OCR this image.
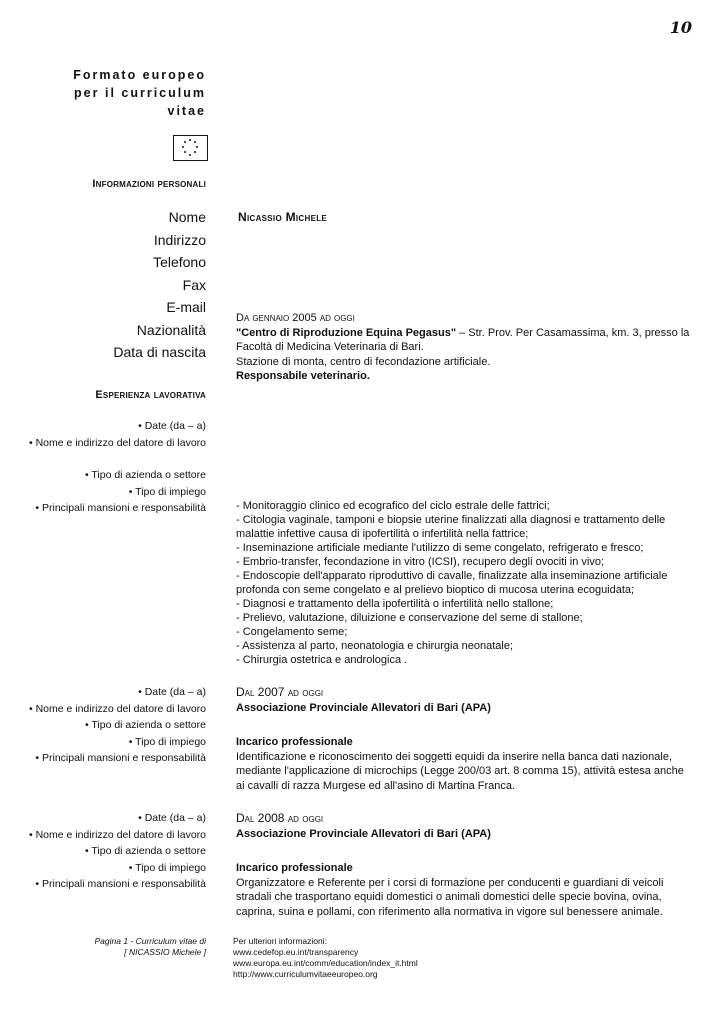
10
Formato europeo
per il curriculum
vitae
Informazioni personali
Nome
Indirizzo
Telefono
Fax
E-mail
Nazionalità
Data di nascita
Nicassio Michele
Esperienza lavorativa
• Date (da – a)
• Nome e indirizzo del datore di lavoro
• Tipo di azienda o settore
• Tipo di impiego
• Principali mansioni e responsabilità
Da gennaio 2005 ad oggi
"Centro di Riproduzione Equina Pegasus" – Str. Prov. Per Casamassima, km. 3, presso la Facoltà di Medicina Veterinaria di Bari.
Stazione di monta, centro di fecondazione artificiale.
Responsabile veterinario.
- Monitoraggio clinico ed ecografico del ciclo estrale delle fattrici;
- Citologia vaginale, tamponi e biopsie uterine finalizzati alla diagnosi e trattamento delle malattie infettive causa di ipofertilità o infertilità nella fattrice;
- Inseminazione artificiale mediante l'utilizzo di seme congelato, refrigerato e fresco;
- Embrio-transfer, fecondazione in vitro (ICSI), recupero degli ovociti in vivo;
- Endoscopie dell'apparato riproduttivo di cavalle, finalizzate alla inseminazione artificiale profonda con seme congelato e al prelievo bioptico di mucosa uterina ecoguidata;
- Diagnosi e trattamento della ipofertilità o infertilità nello stallone;
- Prelievo, valutazione, diluizione e conservazione del seme di stallone;
- Congelamento seme;
- Assistenza al parto, neonatologia e chirurgia neonatale;
- Chirurgia ostetrica e andrologica .
• Date (da – a)
• Nome e indirizzo del datore di lavoro
• Tipo di azienda o settore
• Tipo di impiego
• Principali mansioni e responsabilità
Dal 2007 ad oggi
Associazione Provinciale Allevatori di Bari (APA)
Incarico professionale
Identificazione e riconoscimento dei soggetti equidi da inserire nella banca dati nazionale, mediante l'applicazione di microchips (Legge 200/03 art. 8 comma 15), attività estesa anche ai cavalli di razza Murgese ed all'asino di Martina Franca.
• Date (da – a)
• Nome e indirizzo del datore di lavoro
• Tipo di azienda o settore
• Tipo di impiego
• Principali mansioni e responsabilità
Dal 2008 ad oggi
Associazione Provinciale Allevatori di Bari (APA)
Incarico professionale
Organizzatore e Referente per i corsi di formazione per conducenti e guardiani di veicoli stradali che trasportano equidi domestici o animali domestici delle specie bovina, ovina, caprina, suina e pollami, con riferimento alla normativa in vigore sul benessere animale.
Pagina 1 - Curriculum vitae di
[ NICASSIO Michele ]
Per ulteriori informazioni:
www.cedefop.eu.int/transparency
www.europa.eu.int/comm/education/index_it.html
http://www.curriculumvitaeeuropeo.org
